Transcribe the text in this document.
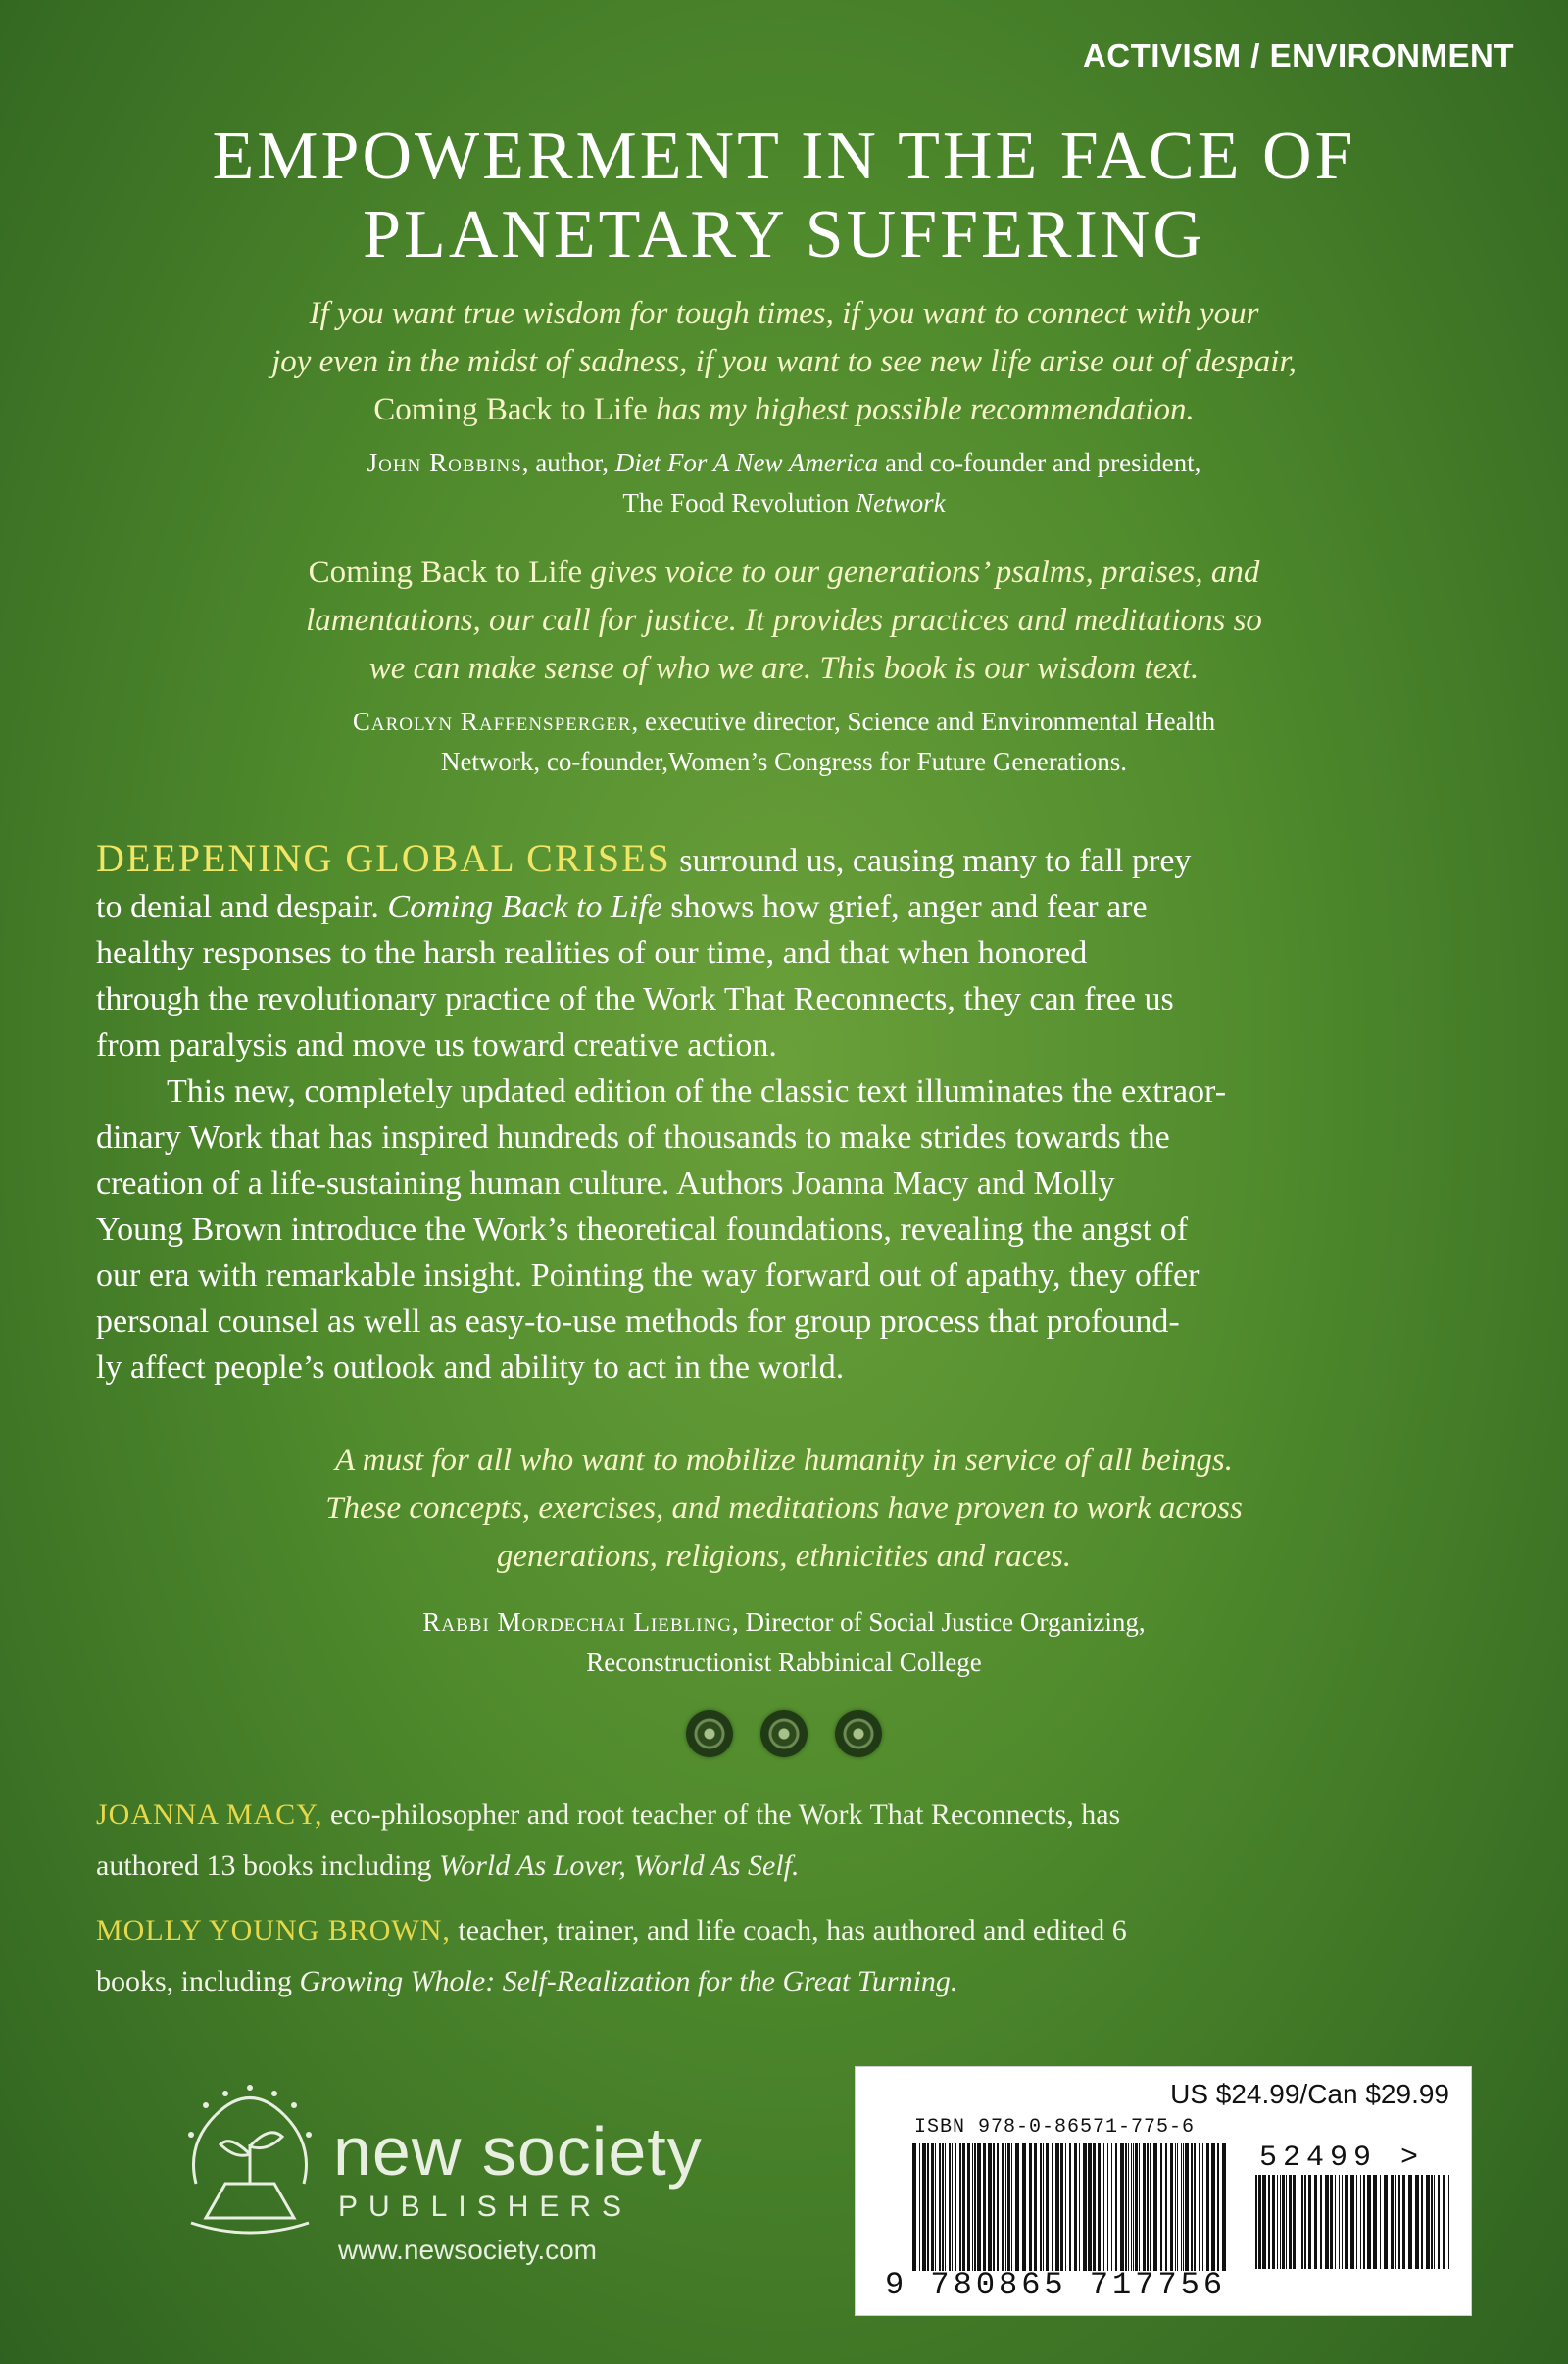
ACTIVISM / ENVIRONMENT
EMPOWERMENT IN THE FACE OF
PLANETARY SUFFERING
If you want true wisdom for tough times, if you want to connect with your
joy even in the midst of sadness, if you want to see new life arise out of despair,
Coming Back to Life has my highest possible recommendation.
John Robbins, author, Diet For A New America and co-founder and president,
The Food Revolution Network
Coming Back to Life gives voice to our generations’ psalms, praises, and
lamentations, our call for justice. It provides practices and meditations so
we can make sense of who we are. This book is our wisdom text.
Carolyn Raffensperger, executive director, Science and Environmental Health
Network, co-founder,Women’s Congress for Future Generations.
DEEPENING GLOBAL CRISES surround us, causing many to fall prey
to denial and despair. Coming Back to Life shows how grief, anger and fear are
healthy responses to the harsh realities of our time, and that when honored
through the revolutionary practice of the Work That Reconnects, they can free us
from paralysis and move us toward creative action.
This new, completely updated edition of the classic text illuminates the extraor-
dinary Work that has inspired hundreds of thousands to make strides towards the
creation of a life-sustaining human culture. Authors Joanna Macy and Molly
Young Brown introduce the Work’s theoretical foundations, revealing the angst of
our era with remarkable insight. Pointing the way forward out of apathy, they offer
personal counsel as well as easy-to-use methods for group process that profound-
ly affect people’s outlook and ability to act in the world.
A must for all who want to mobilize humanity in service of all beings.
These concepts, exercises, and meditations have proven to work across
generations, religions, ethnicities and races.
Rabbi Mordechai Liebling, Director of Social Justice Organizing,
Reconstructionist Rabbinical College

JOANNA MACY, eco-philosopher and root teacher of the Work That Reconnects, has
authored 13 books including World As Lover, World As Self.
MOLLY YOUNG BROWN, teacher, trainer, and life coach, has authored and edited 6
books, including Growing Whole: Self-Realization for the Great Turning.
new society
PUBLISHERS
www.newsociety.com
US $24.99/Can $29.99
ISBN 978-0-86571-775-6
52499 >
9 780865 717756
